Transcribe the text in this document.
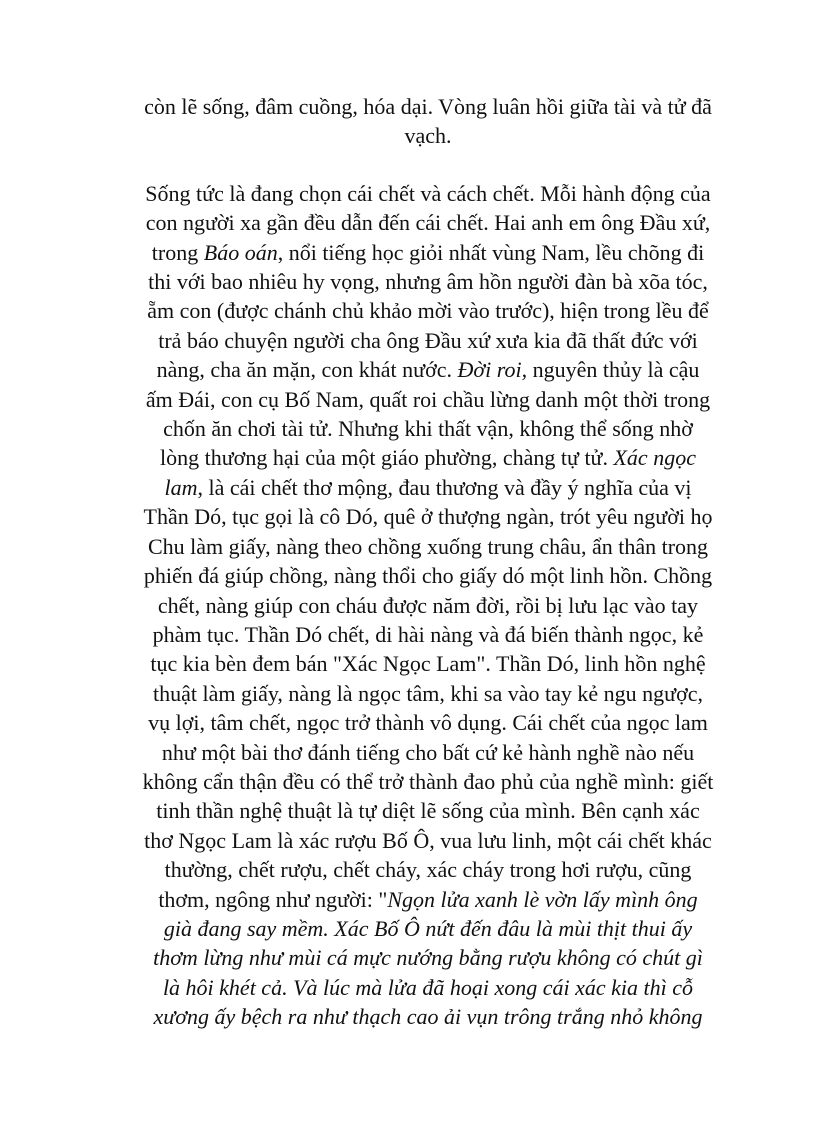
còn lẽ sống, đâm cuồng, hóa dại. Vòng luân hồi giữa tài và tử đã
vạch.

Sống tức là đang chọn cái chết và cách chết. Mỗi hành động của
con người xa gần đều dẫn đến cái chết. Hai anh em ông Đầu xứ,
trong Báo oán, nổi tiếng học giỏi nhất vùng Nam, lều chõng đi
thi với bao nhiêu hy vọng, nhưng âm hồn người đàn bà xõa tóc,
ẵm con (được chánh chủ khảo mời vào trước), hiện trong lều để
trả báo chuyện người cha ông Đầu xứ xưa kia đã thất đức với
nàng, cha ăn mặn, con khát nước. Đời roi, nguyên thủy là cậu
ấm Đái, con cụ Bố Nam, quất roi chầu lừng danh một thời trong
chốn ăn chơi tài tử. Nhưng khi thất vận, không thể sống nhờ
lòng thương hại của một giáo phường, chàng tự tử. Xác ngọc
lam, là cái chết thơ mộng, đau thương và đầy ý nghĩa của vị
Thần Dó, tục gọi là cô Dó, quê ở thượng ngàn, trót yêu người họ
Chu làm giấy, nàng theo chồng xuống trung châu, ẩn thân trong
phiến đá giúp chồng, nàng thổi cho giấy dó một linh hồn. Chồng
chết, nàng giúp con cháu được năm đời, rồi bị lưu lạc vào tay
phàm tục. Thần Dó chết, di hài nàng và đá biến thành ngọc, kẻ
tục kia bèn đem bán "Xác Ngọc Lam". Thần Dó, linh hồn nghệ
thuật làm giấy, nàng là ngọc tâm, khi sa vào tay kẻ ngu ngược,
vụ lợi, tâm chết, ngọc trở thành vô dụng. Cái chết của ngọc lam
như một bài thơ đánh tiếng cho bất cứ kẻ hành nghề nào nếu
không cẩn thận đều có thể trở thành đao phủ của nghề mình: giết
tinh thần nghệ thuật là tự diệt lẽ sống của mình. Bên cạnh xác
thơ Ngọc Lam là xác rượu Bố Ô, vua lưu linh, một cái chết khác
thường, chết rượu, chết cháy, xác cháy trong hơi rượu, cũng
thơm, ngông như người: "Ngọn lửa xanh lè vờn lấy mình ông
già đang say mềm. Xác Bố Ô nứt đến đâu là mùi thịt thui ấy
thơm lừng như mùi cá mực nướng bằng rượu không có chút gì
là hôi khét cả. Và lúc mà lửa đã hoại xong cái xác kia thì cỗ
xương ấy bệch ra như thạch cao ải vụn trông trắng nhỏ không
